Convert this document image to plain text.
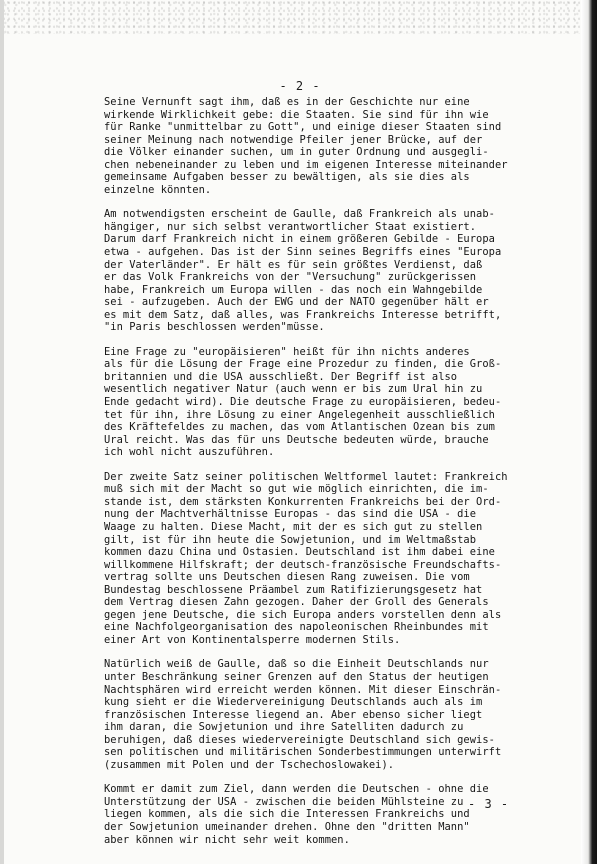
- 2 -

Seine Vernunft sagt ihm, daß es in der Geschichte nur eine
wirkende Wirklichkeit gebe: die Staaten. Sie sind für ihn wie
für Ranke "unmittelbar zu Gott", und einige dieser Staaten sind
seiner Meinung nach notwendige Pfeiler jener Brücke, auf der
die Völker einander suchen, um in guter Ordnung und ausgegli-
chen nebeneinander zu leben und im eigenen Interesse miteinander
gemeinsame Aufgaben besser zu bewältigen, als sie dies als
einzelne könnten.

Am notwendigsten erscheint de Gaulle, daß Frankreich als unab-
hängiger, nur sich selbst verantwortlicher Staat existiert.
Darum darf Frankreich nicht in einem größeren Gebilde - Europa
etwa - aufgehen. Das ist der Sinn seines Begriffs eines "Europa
der Vaterländer". Er hält es für sein größtes Verdienst, daß
er das Volk Frankreichs von der "Versuchung" zurückgerissen
habe, Frankreich um Europa willen - das noch ein Wahngebilde
sei - aufzugeben. Auch der EWG und der NATO gegenüber hält er
es mit dem Satz, daß alles, was Frankreichs Interesse betrifft,
"in Paris beschlossen werden"müsse.

Eine Frage zu "europäisieren" heißt für ihn nichts anderes
als für die Lösung der Frage eine Prozedur zu finden, die Groß-
britannien und die USA ausschließt. Der Begriff ist also
wesentlich negativer Natur (auch wenn er bis zum Ural hin zu
Ende gedacht wird). Die deutsche Frage zu europäisieren, bedeu-
tet für ihn, ihre Lösung zu einer Angelegenheit ausschließlich
des Kräftefeldes zu machen, das vom Atlantischen Ozean bis zum
Ural reicht. Was das für uns Deutsche bedeuten würde, brauche
ich wohl nicht auszuführen.

Der zweite Satz seiner politischen Weltformel lautet: Frankreich
muß sich mit der Macht so gut wie möglich einrichten, die im-
stande ist, dem stärksten Konkurrenten Frankreichs bei der Ord-
nung der Machtverhältnisse Europas - das sind die USA - die
Waage zu halten. Diese Macht, mit der es sich gut zu stellen
gilt, ist für ihn heute die Sowjetunion, und im Weltmaßstab
kommen dazu China und Ostasien. Deutschland ist ihm dabei eine
willkommene Hilfskraft; der deutsch-französische Freundschafts-
vertrag sollte uns Deutschen diesen Rang zuweisen. Die vom
Bundestag beschlossene Präambel zum Ratifizierungsgesetz hat
dem Vertrag diesen Zahn gezogen. Daher der Groll des Generals
gegen jene Deutsche, die sich Europa anders vorstellen denn als
eine Nachfolgeorganisation des napoleonischen Rheinbundes mit
einer Art von Kontinentalsperre modernen Stils.

Natürlich weiß de Gaulle, daß so die Einheit Deutschlands nur
unter Beschränkung seiner Grenzen auf den Status der heutigen
Nachtsphären wird erreicht werden können. Mit dieser Einschrän-
kung sieht er die Wiedervereinigung Deutschlands auch als im
französischen Interesse liegend an. Aber ebenso sicher liegt
ihm daran, die Sowjetunion und ihre Satelliten dadurch zu
beruhigen, daß dieses wiedervereinigte Deutschland sich gewis-
sen politischen und militärischen Sonderbestimmungen unterwirft
(zusammen mit Polen und der Tschechoslowakei).

Kommt er damit zum Ziel, dann werden die Deutschen - ohne die
Unterstützung der USA - zwischen die beiden Mühlsteine zu
liegen kommen, als die sich die Interessen Frankreichs und
der Sowjetunion umeinander drehen. Ohne den "dritten Mann"
aber können wir nicht sehr weit kommen.

- 3 -
